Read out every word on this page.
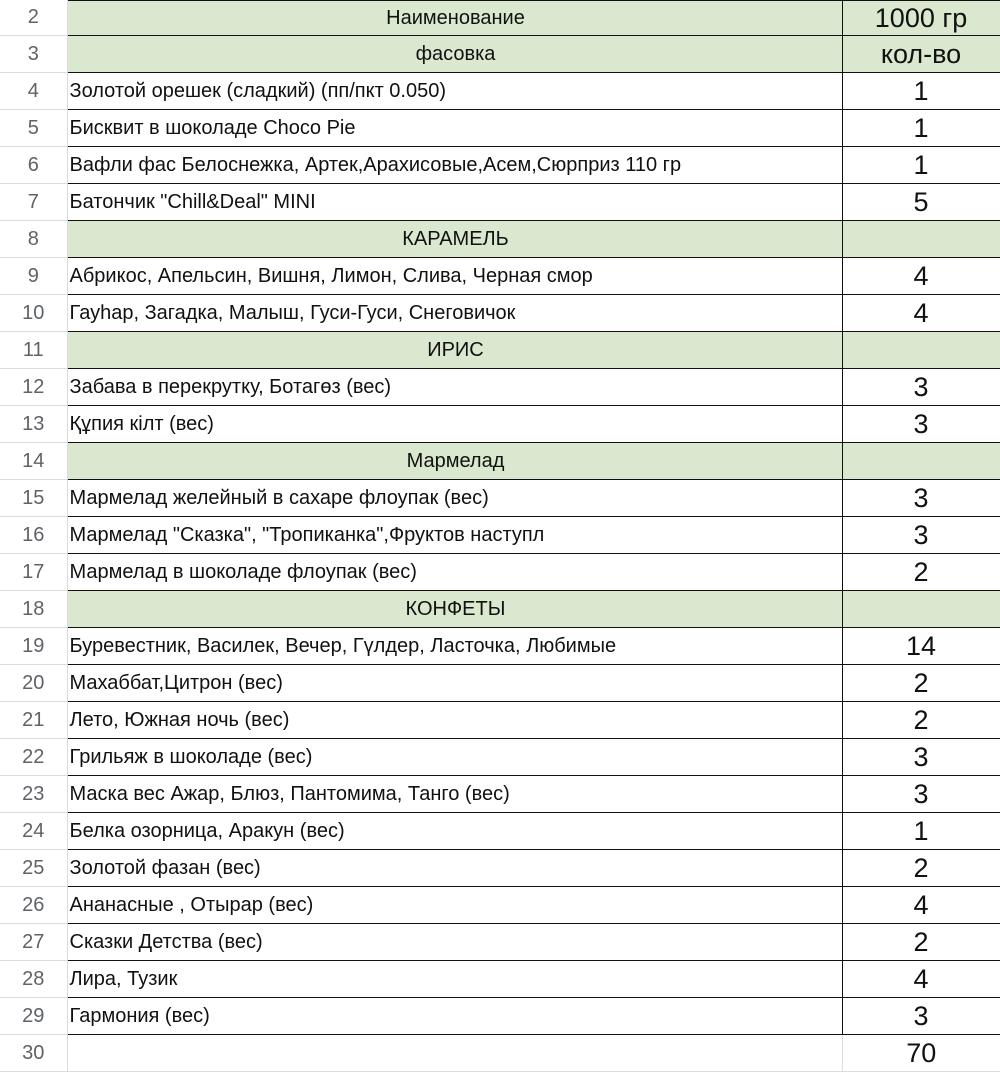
2	Наименование	1000 гр
3	фасовка	кол-во
4	Золотой орешек (сладкий) (пп/пкт 0.050)	1
5	Бисквит в шоколаде Choco Pie	1
6	Вафли фас Белоснежка, Артек,Арахисовые,Асем,Сюрприз 110 гр	1
7	Батончик "Chill&Deal" MINI	5
8	КАРАМЕЛЬ	
9	Абрикос, Апельсин, Вишня, Лимон, Слива, Черная смор	4
10	Гауһар, Загадка, Малыш, Гуси-Гуси, Снеговичок	4
11	ИРИС	
12	Забава в перекрутку, Ботагөз (вес)	3
13	Құпия кілт (вес)	3
14	Мармелад	
15	Мармелад желейный в сахаре флоупак (вес)	3
16	Мармелад "Сказка", "Тропиканка",Фруктов наступл	3
17	Мармелад в шоколаде флоупак (вес)	2
18	КОНФЕТЫ	
19	Буревестник, Василек, Вечер, Гүлдер, Ласточка, Любимые	14
20	Махаббат,Цитрон (вес)	2
21	Лето, Южная ночь (вес)	2
22	Грильяж в шоколаде (вес)	3
23	Маска вес Ажар, Блюз, Пантомима, Танго (вес)	3
24	Белка озорница, Аракун (вес)	1
25	Золотой фазан (вес)	2
26	Ананасные , Отырар (вес)	4
27	Сказки Детства (вес)	2
28	Лира, Тузик	4
29	Гармония (вес)	3
30		70
